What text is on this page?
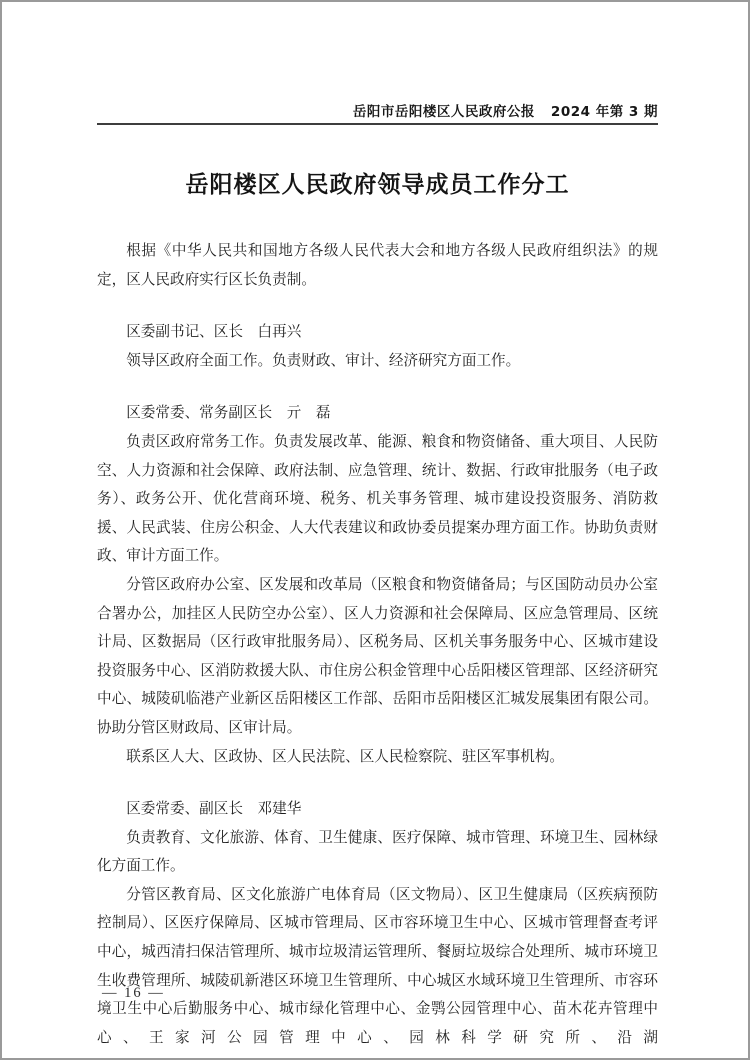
岳阳市岳阳楼区人民政府公报 2024 年第 3 期
岳阳楼区人民政府领导成员工作分工

根据《中华人民共和国地方各级人民代表大会和地方各级人民政府组织法》的规定，区人民政府实行区长负责制。

区委副书记、区长　白再兴

领导区政府全面工作。负责财政、审计、经济研究方面工作。

区委常委、常务副区长　亓　磊

负责区政府常务工作。负责发展改革、能源、粮食和物资储备、重大项目、人民防空、人力资源和社会保障、政府法制、应急管理、统计、数据、行政审批服务（电子政务）、政务公开、优化营商环境、税务、机关事务管理、城市建设投资服务、消防救援、人民武装、住房公积金、人大代表建议和政协委员提案办理方面工作。协助负责财政、审计方面工作。

分管区政府办公室、区发展和改革局（区粮食和物资储备局；与区国防动员办公室合署办公，加挂区人民防空办公室）、区人力资源和社会保障局、区应急管理局、区统计局、区数据局（区行政审批服务局）、区税务局、区机关事务服务中心、区城市建设投资服务中心、区消防救援大队、市住房公积金管理中心岳阳楼区管理部、区经济研究中心、城陵矶临港产业新区岳阳楼区工作部、岳阳市岳阳楼区汇城发展集团有限公司。协助分管区财政局、区审计局。

联系区人大、区政协、区人民法院、区人民检察院、驻区军事机构。

区委常委、副区长　邓建华

负责教育、文化旅游、体育、卫生健康、医疗保障、城市管理、环境卫生、园林绿化方面工作。

分管区教育局、区文化旅游广电体育局（区文物局）、区卫生健康局（区疾病预防控制局）、区医疗保障局、区城市管理局、区市容环境卫生中心、区城市管理督查考评中心，城西清扫保洁管理所、城市垃圾清运管理所、餐厨垃圾综合处理所、城市环境卫生收费管理所、城陵矶新港区环境卫生管理所、中心城区水域环境卫生管理所、市容环境卫生中心后勤服务中心、城市绿化管理中心、金鹗公园管理中心、苗木花卉管理中心、王家河公园管理中心、园林科学研究所、沿湖

— 16 —
